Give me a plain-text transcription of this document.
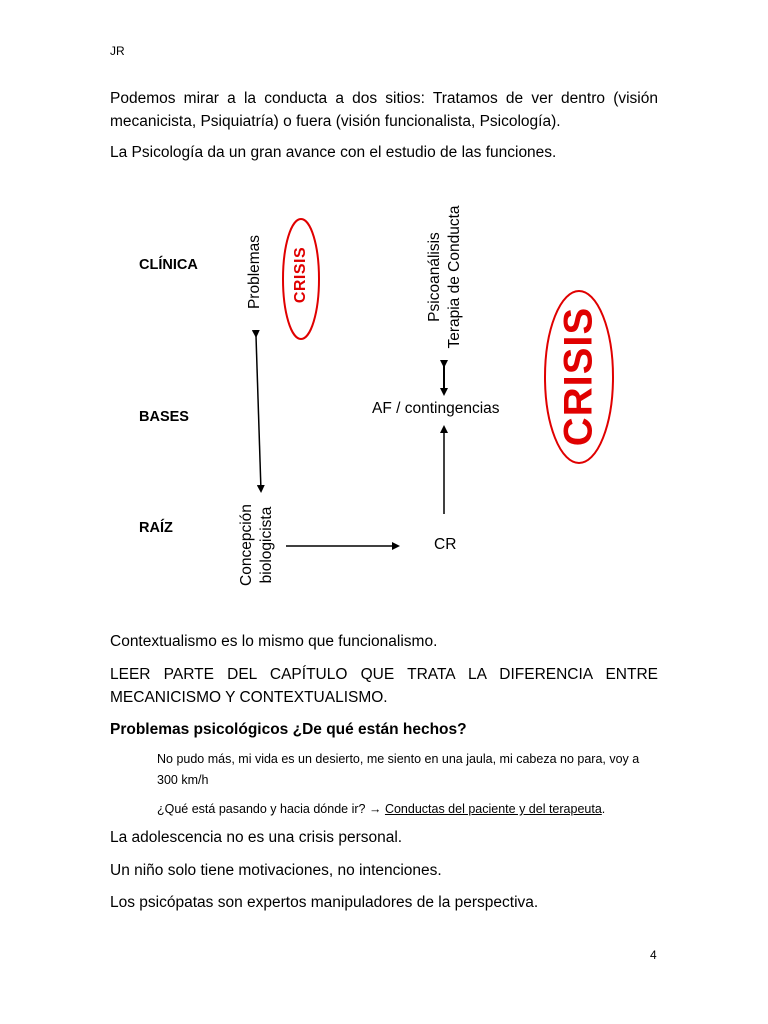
JR
Podemos mirar a la conducta a dos sitios: Tratamos de ver dentro (visión mecanicista, Psiquiatría) o fuera (visión funcionalista, Psicología).
La Psicología da un gran avance con el estudio de las funciones.
CLÍNICA
BASES
RAÍZ
Problemas CRISIS	Psicoanálisis Terapia de Conducta
CRISIS
AF / contingencias
CR
Concepción biologicista
Contextualismo es lo mismo que funcionalismo.
LEER PARTE DEL CAPÍTULO QUE TRATA LA DIFERENCIA ENTRE MECANICISMO Y CONTEXTUALISMO.
Problemas psicológicos ¿De qué están hechos?
No pudo más, mi vida es un desierto, me siento en una jaula, mi cabeza no para, voy a 300 km/h
¿Qué está pasando y hacia dónde ir? → Conductas del paciente y del terapeuta.
La adolescencia no es una crisis personal.
Un niño solo tiene motivaciones, no intenciones.
Los psicópatas son expertos manipuladores de la perspectiva.
4
